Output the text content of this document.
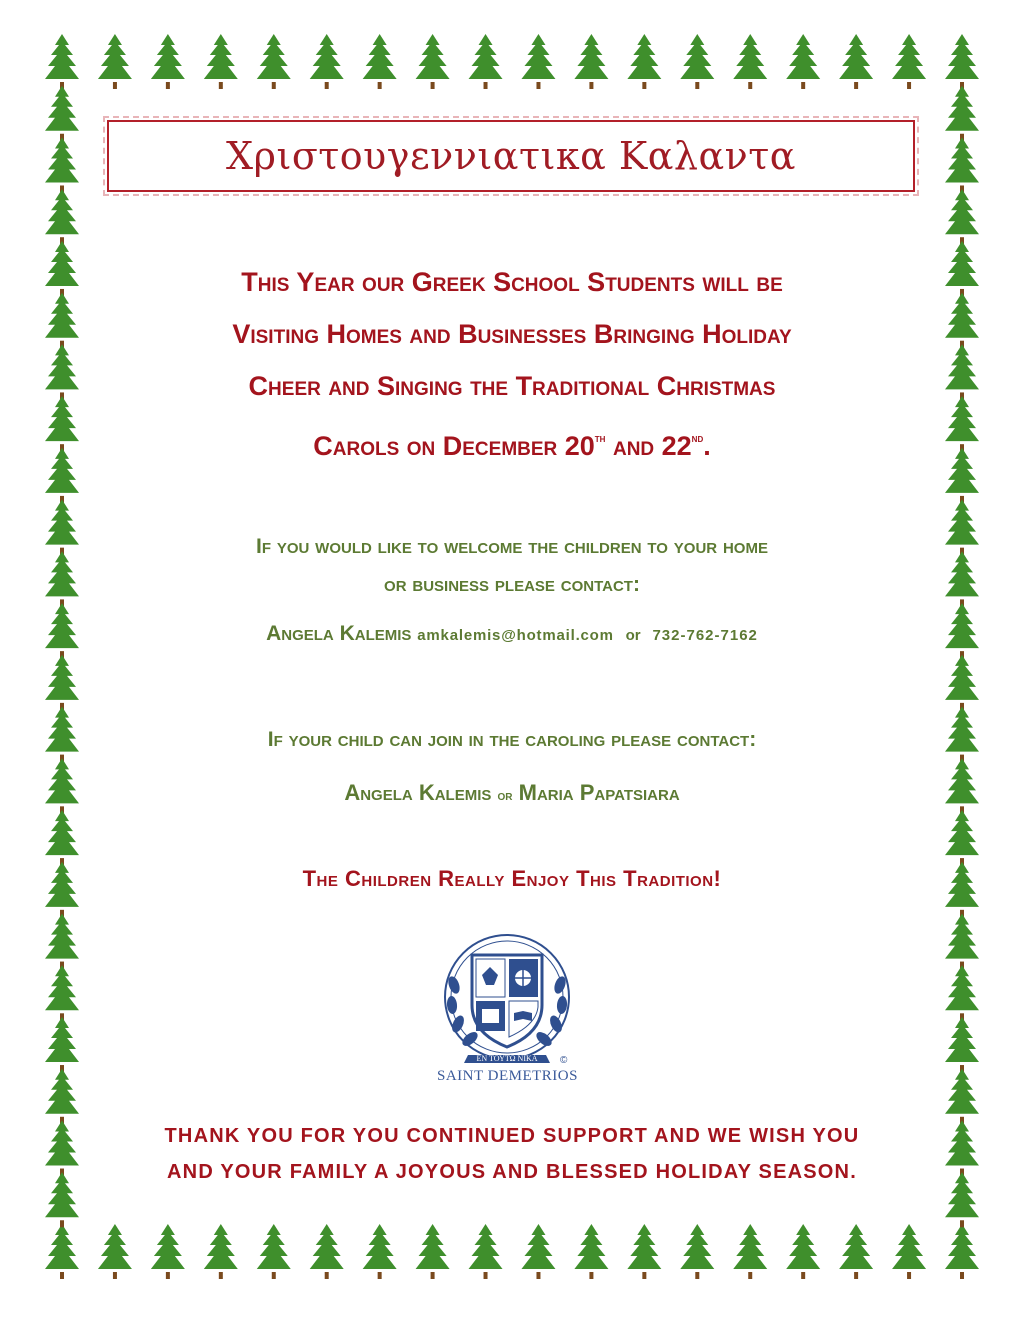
Χριστουγεννιατικα Καλαντα
This Year our Greek School Students will be
Visiting Homes and Businesses Bringing Holiday
Cheer and Singing the Traditional Christmas
Carols on December 20th and 22nd.
If you would like to welcome the children to your home
or business please contact:
Angela Kalemis amkalemis@hotmail.com or 732-762-7162
If your child can join in the caroling please contact:
Angela Kalemis or Maria Papatsiara
The Children Really Enjoy This Tradition!
ΕΝ ΤΟΥΤΩ ΝΙΚΑ ©
SAINT DEMETRIOS
THANK YOU FOR YOU CONTINUED SUPPORT AND WE WISH YOU
AND YOUR FAMILY A JOYOUS AND BLESSED HOLIDAY SEASON.
